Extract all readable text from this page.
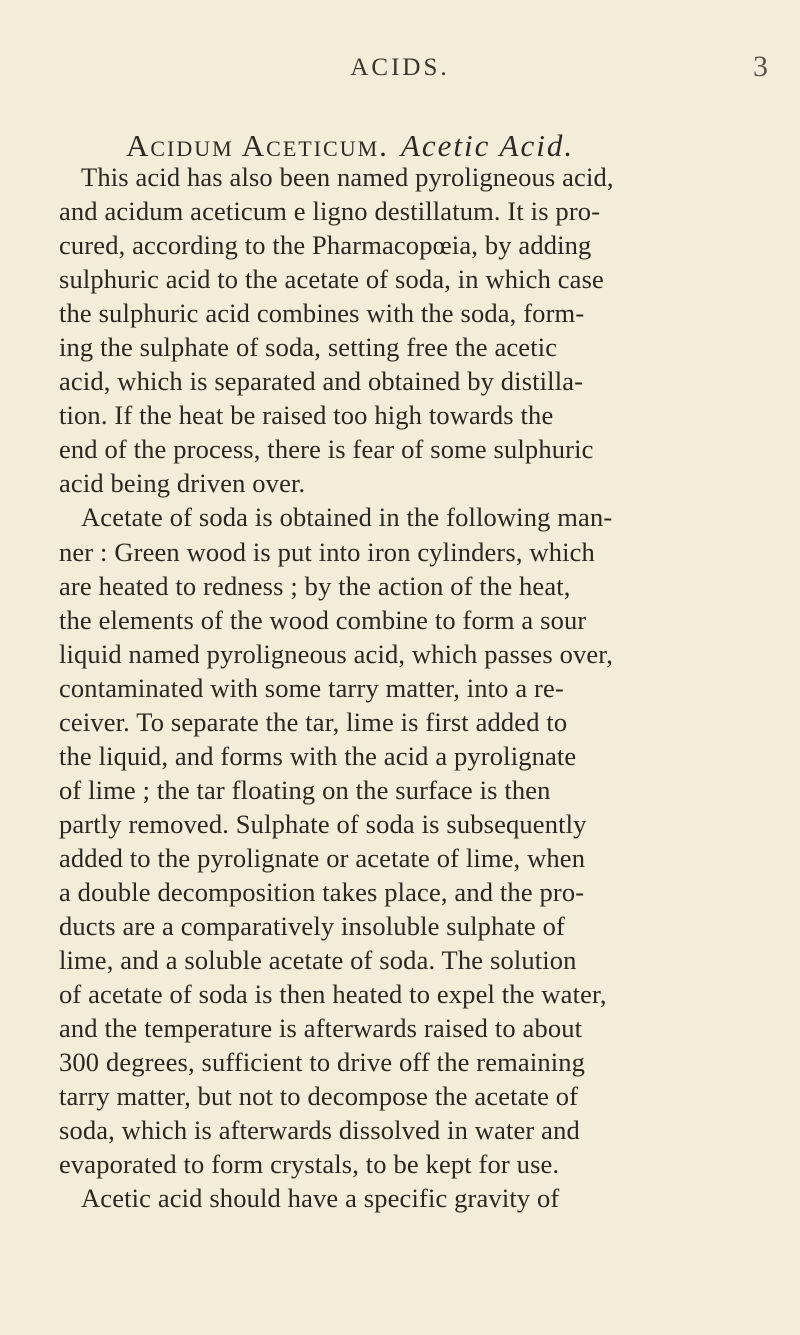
ACIDS.	3
Acidum Aceticum. Acetic Acid.
This acid has also been named pyroligneous acid,
and acidum aceticum e ligno destillatum. It is pro-
cured, according to the Pharmacopœia, by adding
sulphuric acid to the acetate of soda, in which case
the sulphuric acid combines with the soda, form-
ing the sulphate of soda, setting free the acetic
acid, which is separated and obtained by distilla-
tion. If the heat be raised too high towards the
end of the process, there is fear of some sulphuric
acid being driven over.
Acetate of soda is obtained in the following man-
ner : Green wood is put into iron cylinders, which
are heated to redness ; by the action of the heat,
the elements of the wood combine to form a sour
liquid named pyroligneous acid, which passes over,
contaminated with some tarry matter, into a re-
ceiver. To separate the tar, lime is first added to
the liquid, and forms with the acid a pyrolignate
of lime ; the tar floating on the surface is then
partly removed. Sulphate of soda is subsequently
added to the pyrolignate or acetate of lime, when
a double decomposition takes place, and the pro-
ducts are a comparatively insoluble sulphate of
lime, and a soluble acetate of soda. The solution
of acetate of soda is then heated to expel the water,
and the temperature is afterwards raised to about
300 degrees, sufficient to drive off the remaining
tarry matter, but not to decompose the acetate of
soda, which is afterwards dissolved in water and
evaporated to form crystals, to be kept for use.
Acetic acid should have a specific gravity of
